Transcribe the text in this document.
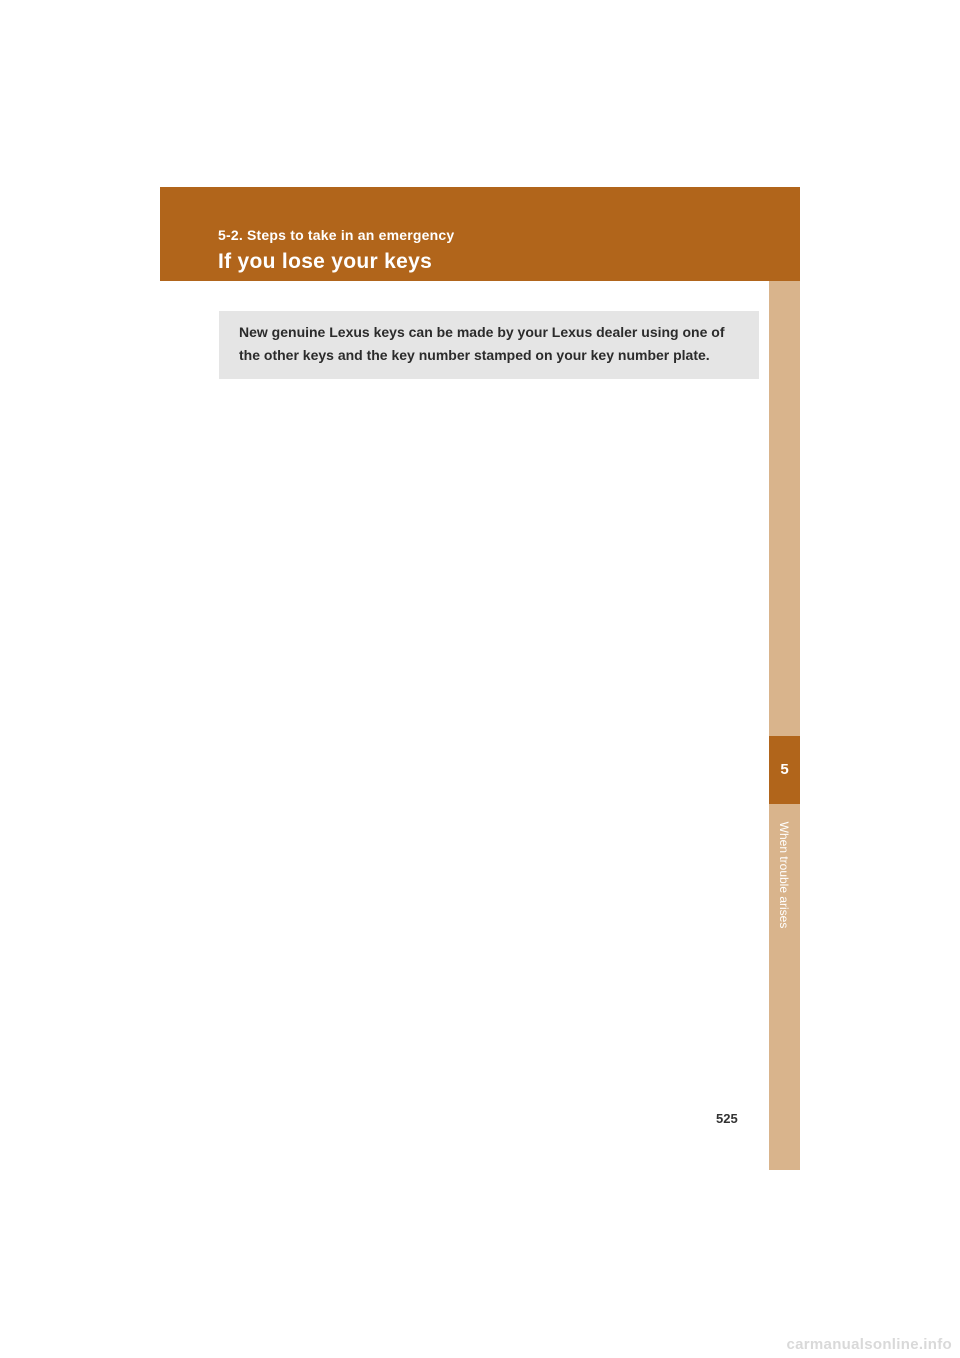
5-2. Steps to take in an emergency
If you lose your keys
5
When trouble arises
New genuine Lexus keys can be made by your Lexus dealer using one of
the other keys and the key number stamped on your key number plate.
525
carmanualsonline.info
